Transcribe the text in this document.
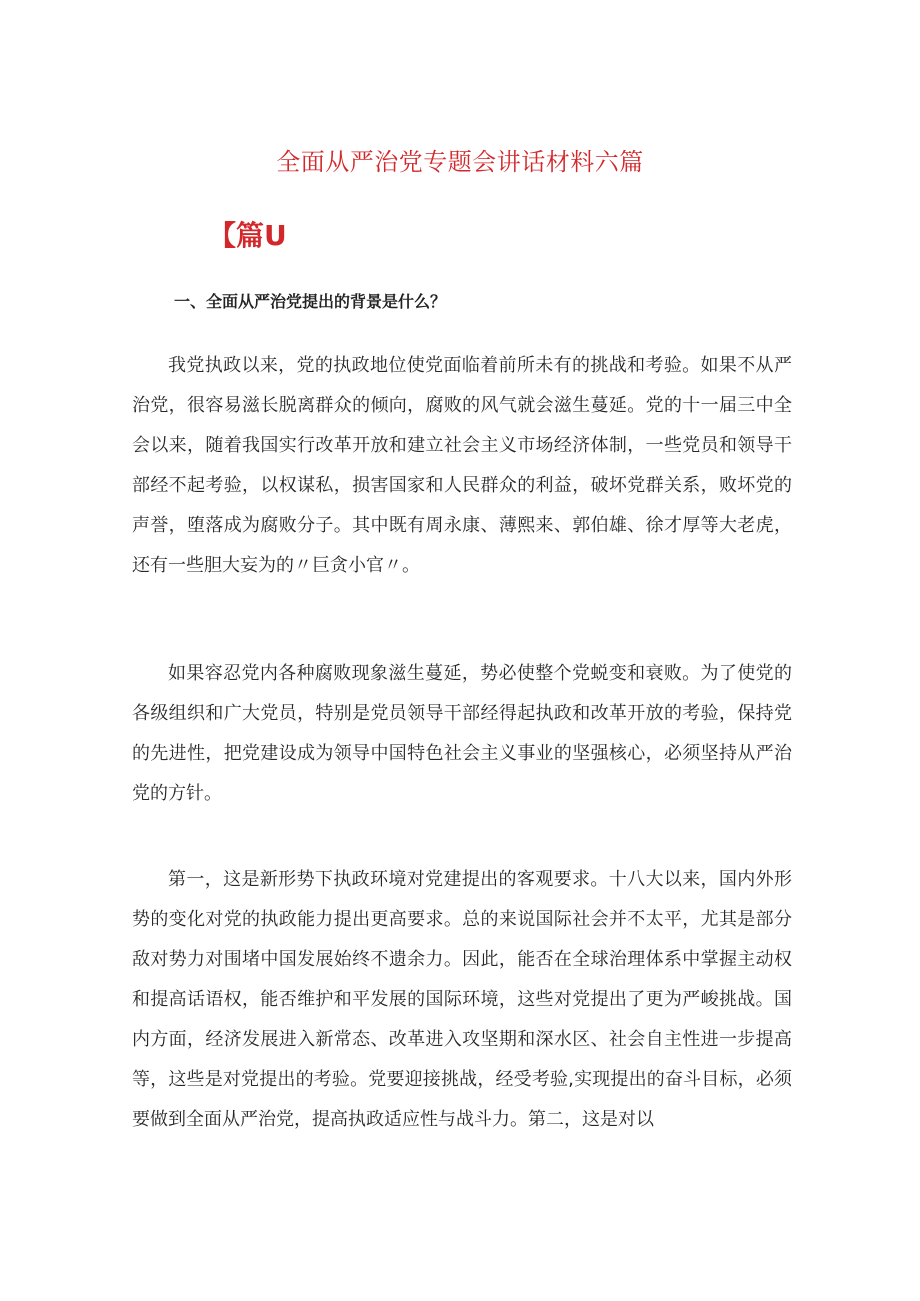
全面从严治党专题会讲话材料六篇
【篇U
一、全面从严治党提出的背景是什么？

我党执政以来，党的执政地位使党面临着前所未有的挑战和考验。如果不从严治党，很容易滋长脱离群众的倾向，腐败的风气就会滋生蔓延。党的十一届三中全会以来，随着我国实行改革开放和建立社会主义市场经济体制，一些党员和领导干部经不起考验，以权谋私，损害国家和人民群众的利益，破坏党群关系，败坏党的声誉，堕落成为腐败分子。其中既有周永康、薄熙来、郭伯雄、徐才厚等大老虎，还有一些胆大妄为的〃巨贪小官〃。

如果容忍党内各种腐败现象滋生蔓延，势必使整个党蜕变和衰败。为了使党的各级组织和广大党员，特别是党员领导干部经得起执政和改革开放的考验，保持党的先进性，把党建设成为领导中国特色社会主义事业的坚强核心，必须坚持从严治党的方针。

第一，这是新形势下执政环境对党建提出的客观要求。十八大以来，国内外形势的变化对党的执政能力提出更高要求。总的来说国际社会并不太平，尤其是部分敌对势力对围堵中国发展始终不遗余力。因此，能否在全球治理体系中掌握主动权和提高话语权，能否维护和平发展的国际环境，这些对党提出了更为严峻挑战。国内方面，经济发展进入新常态、改革进入攻坚期和深水区、社会自主性进一步提高等，这些是对党提出的考验。党要迎接挑战，经受考验,实现提出的奋斗目标，必须要做到全面从严治党，提高执政适应性与战斗力。第二，这是对以
